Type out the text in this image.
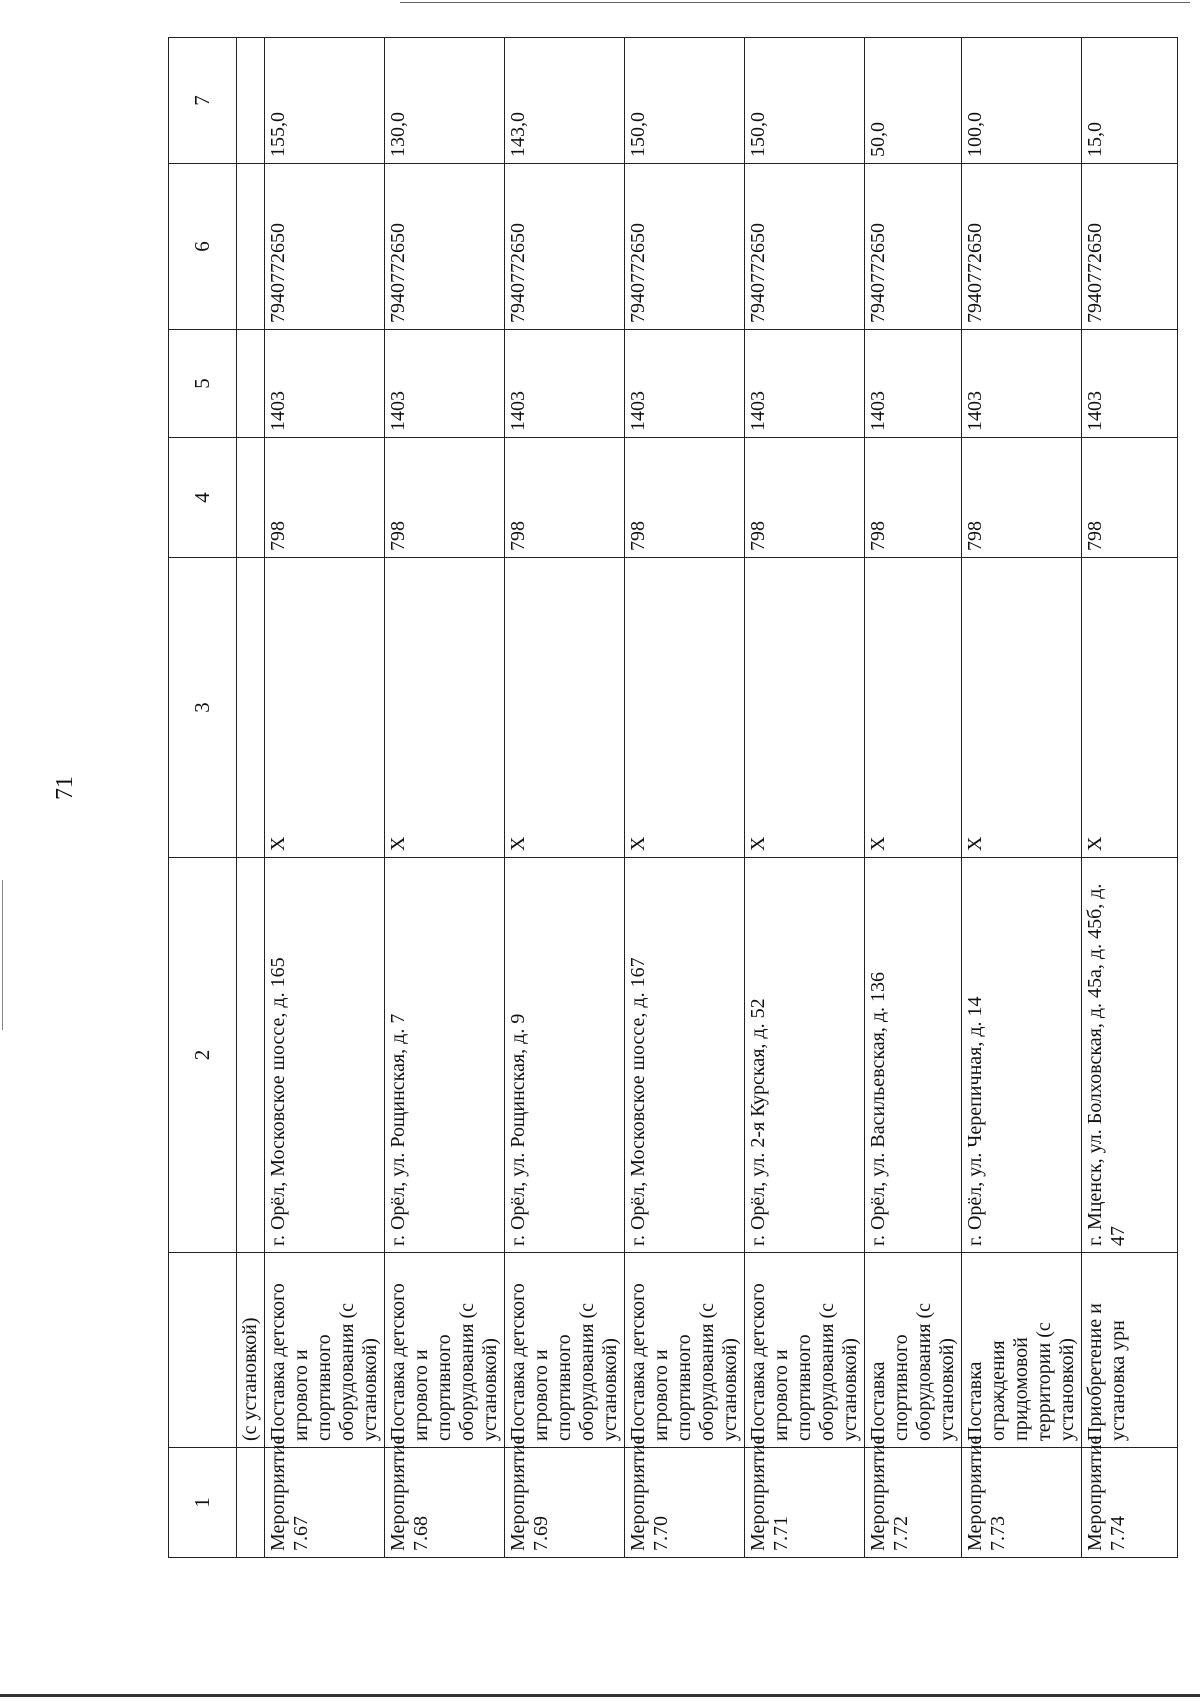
71
1		2	3	4	5	6	7
	(с установкой)						
Мероприятие 7.67	Поставка детского игрового и спортивного оборудования (с установкой)	г. Орёл, Московское шоссе, д. 165	Х	798	1403	7940772650	155,0
Мероприятие 7.68	Поставка детского игрового и спортивного оборудования (с установкой)	г. Орёл, ул. Рощинская, д. 7	Х	798	1403	7940772650	130,0
Мероприятие 7.69	Поставка детского игрового и спортивного оборудования (с установкой)	г. Орёл, ул. Рощинская, д. 9	Х	798	1403	7940772650	143,0
Мероприятие 7.70	Поставка детского игрового и спортивного оборудования (с установкой)	г. Орёл, Московское шоссе, д. 167	Х	798	1403	7940772650	150,0
Мероприятие 7.71	Поставка детского игрового и спортивного оборудования (с установкой)	г. Орёл, ул. 2-я Курская, д. 52	Х	798	1403	7940772650	150,0
Мероприятие 7.72	Поставка спортивного оборудования (с установкой)	г. Орёл, ул. Васильевская, д. 136	Х	798	1403	7940772650	50,0
Мероприятие 7.73	Поставка ограждения придомовой территории (с установкой)	г. Орёл, ул. Черепичная, д. 14	Х	798	1403	7940772650	100,0
Мероприятие 7.74	Приобретение и установка урн	г. Мценск, ул. Болховская, д. 45а, д. 45б, д. 47	Х	798	1403	7940772650	15,0
